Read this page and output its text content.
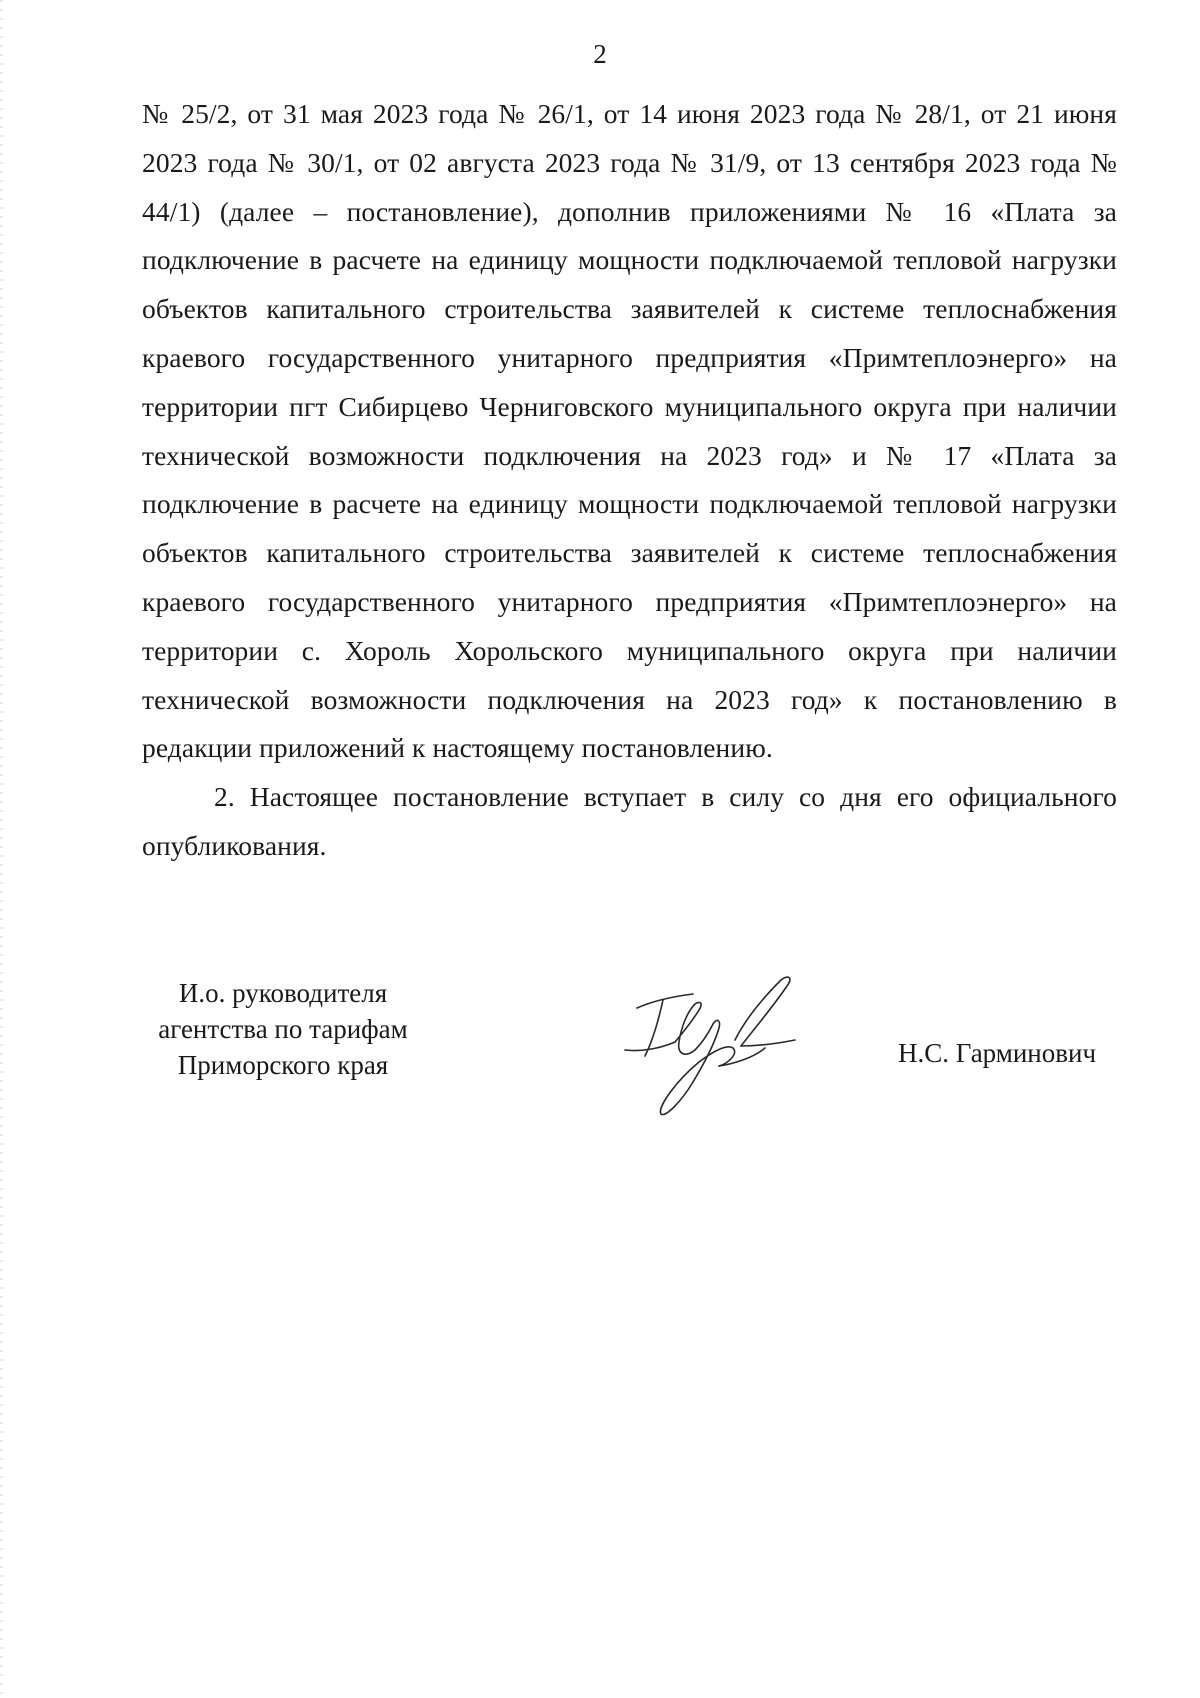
2

№ 25/2, от 31 мая 2023 года № 26/1, от 14 июня 2023 года № 28/1, от 21 июня 2023 года № 30/1, от 02 августа 2023 года № 31/9, от 13 сентября 2023 года № 44/1) (далее – постановление), дополнив приложениями № 16 «Плата за подключение в расчете на единицу мощности подключаемой тепловой нагрузки объектов капитального строительства заявителей к системе теплоснабжения краевого государственного унитарного предприятия «Примтеплоэнерго» на территории пгт Сибирцево Черниговского муниципального округа при наличии технической возможности подключения на 2023 год» и № 17 «Плата за подключение в расчете на единицу мощности подключаемой тепловой нагрузки объектов капитального строительства заявителей к системе теплоснабжения краевого государственного унитарного предприятия «Примтеплоэнерго» на территории с. Хороль Хорольского муниципального округа при наличии технической возможности подключения на 2023 год» к постановлению в редакции приложений к настоящему постановлению.

2. Настоящее постановление вступает в силу со дня его официального опубликования.

И.о. руководителя
агентства по тарифам
Приморского края	Н.С. Гарминович
